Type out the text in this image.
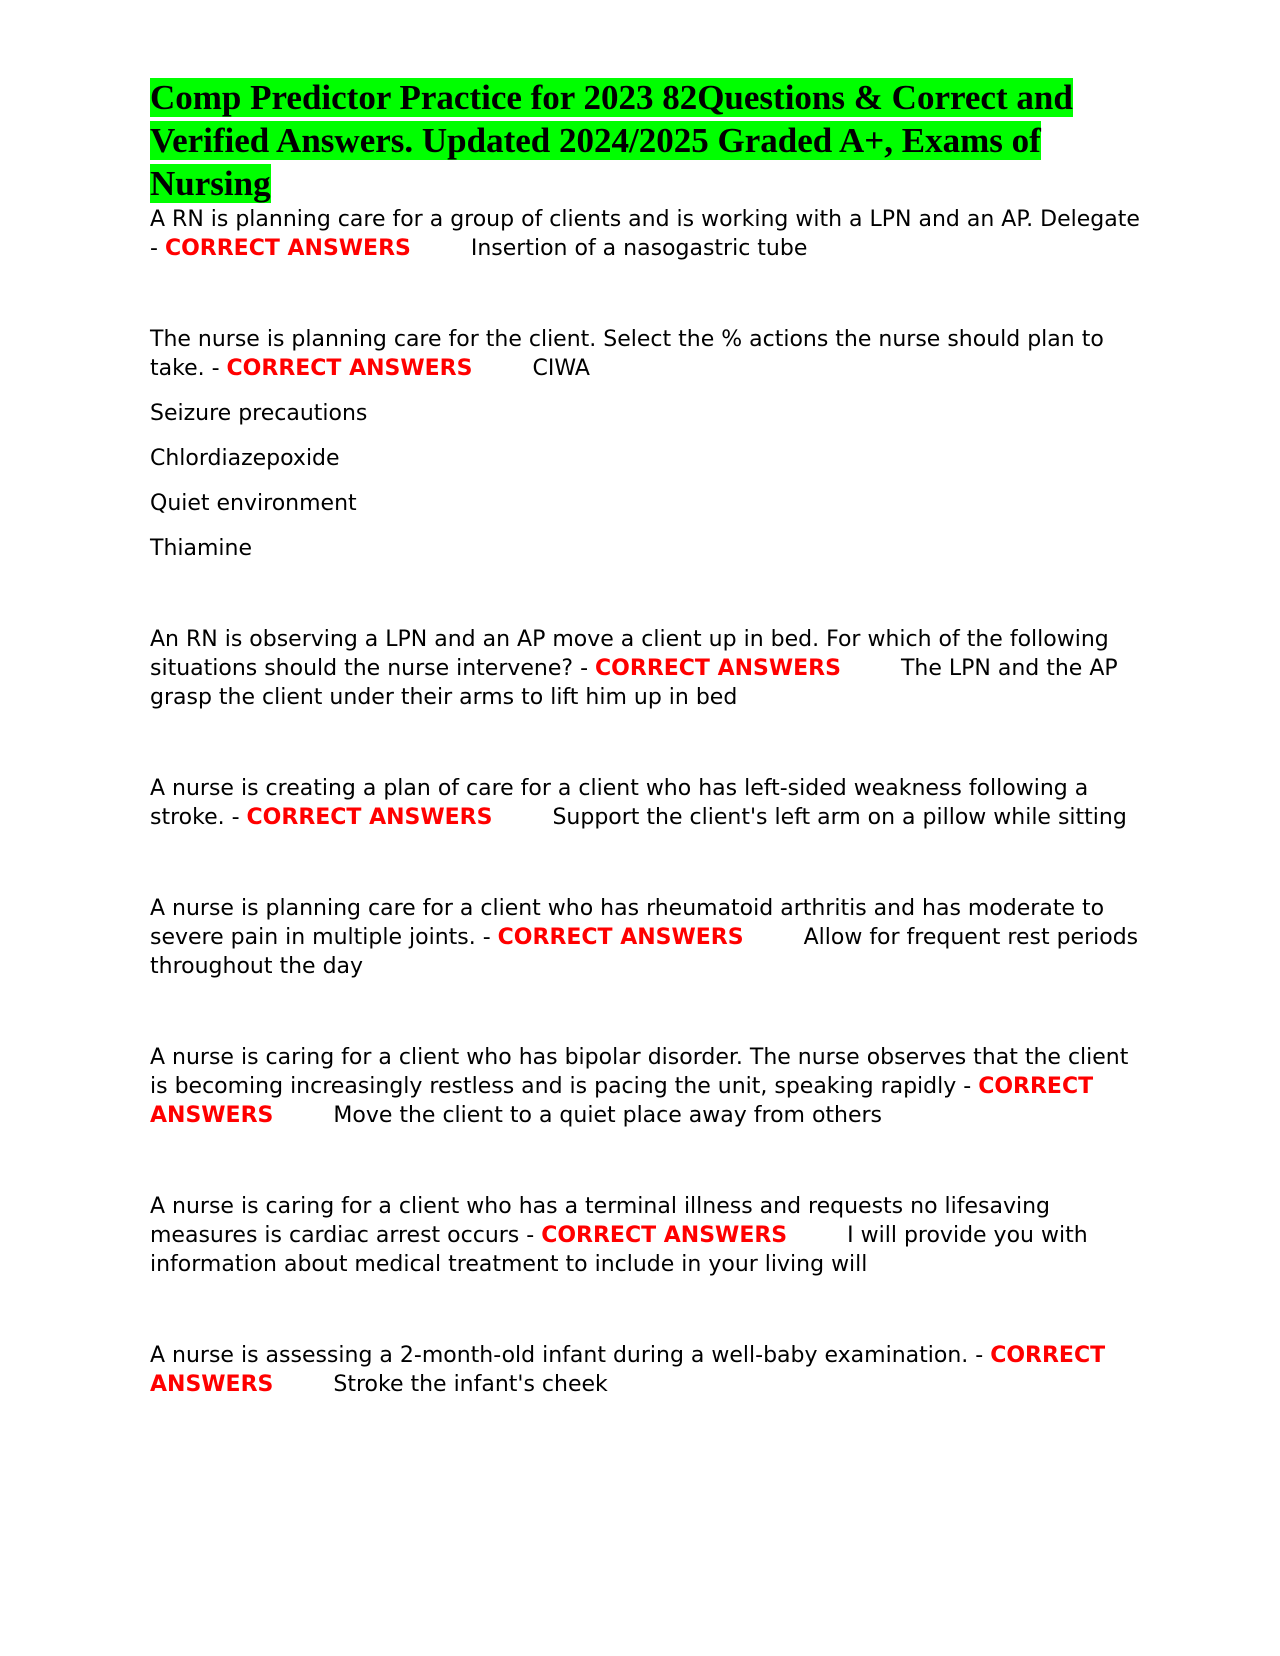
Comp Predictor Practice for 2023 82Questions & Correct and Verified Answers. Updated 2024/2025 Graded A+, Exams of Nursing

A RN is planning care for a group of clients and is working with a LPN and an AP. Delegate - CORRECT ANSWERS	Insertion of a nasogastric tube

The nurse is planning care for the client. Select the % actions the nurse should plan to take. - CORRECT ANSWERS	CIWA

Seizure precautions

Chlordiazepoxide

Quiet environment

Thiamine

An RN is observing a LPN and an AP move a client up in bed. For which of the following situations should the nurse intervene? - CORRECT ANSWERS	The LPN and the AP grasp the client under their arms to lift him up in bed

A nurse is creating a plan of care for a client who has left-sided weakness following a stroke. - CORRECT ANSWERS	Support the client's left arm on a pillow while sitting

A nurse is planning care for a client who has rheumatoid arthritis and has moderate to severe pain in multiple joints. - CORRECT ANSWERS	Allow for frequent rest periods throughout the day

A nurse is caring for a client who has bipolar disorder. The nurse observes that the client is becoming increasingly restless and is pacing the unit, speaking rapidly - CORRECT ANSWERS	Move the client to a quiet place away from others

A nurse is caring for a client who has a terminal illness and requests no lifesaving measures is cardiac arrest occurs - CORRECT ANSWERS	I will provide you with information about medical treatment to include in your living will

A nurse is assessing a 2-month-old infant during a well-baby examination. - CORRECT ANSWERS	Stroke the infant's cheek
